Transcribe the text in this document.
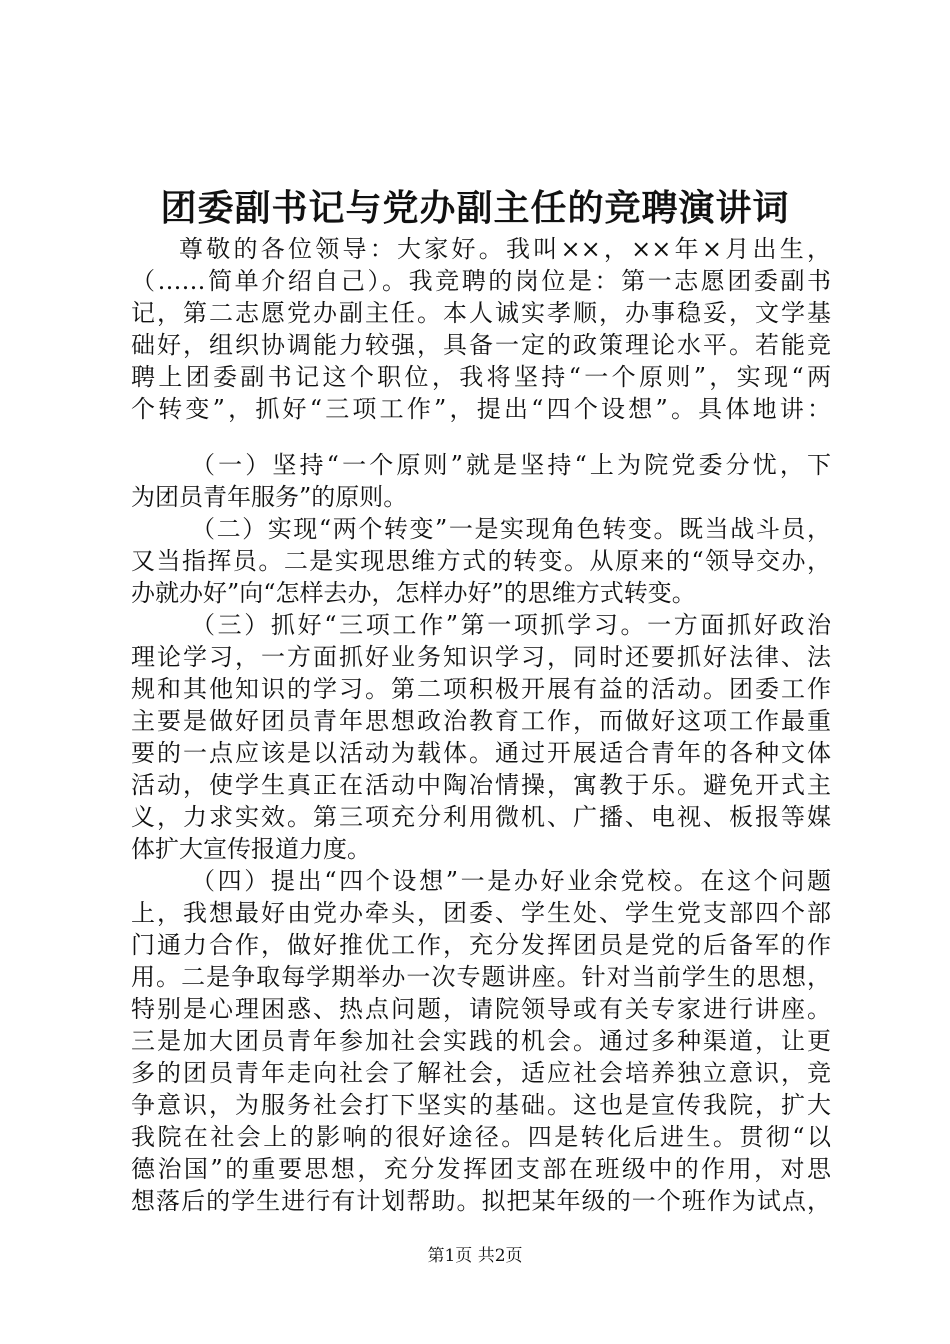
团委副书记与党办副主任的竞聘演讲词
尊敬的各位领导：大家好。我叫××，××年×月出生，
（……简单介绍自己）。我竞聘的岗位是：第一志愿团委副书
记，第二志愿党办副主任。本人诚实孝顺，办事稳妥，文学基
础好，组织协调能力较强，具备一定的政策理论水平。若能竞
聘上团委副书记这个职位，我将坚持“一个原则”，实现“两
个转变”，抓好“三项工作”，提出“四个设想”。具体地讲：
（一）坚持“一个原则”就是坚持“上为院党委分忧，下
为团员青年服务”的原则。
（二）实现“两个转变”一是实现角色转变。既当战斗员，
又当指挥员。二是实现思维方式的转变。从原来的“领导交办，
办就办好”向“怎样去办，怎样办好”的思维方式转变。
（三）抓好“三项工作”第一项抓学习。一方面抓好政治
理论学习，一方面抓好业务知识学习，同时还要抓好法律、法
规和其他知识的学习。第二项积极开展有益的活动。团委工作
主要是做好团员青年思想政治教育工作，而做好这项工作最重
要的一点应该是以活动为载体。通过开展适合青年的各种文体
活动，使学生真正在活动中陶冶情操，寓教于乐。避免开式主
义，力求实效。第三项充分利用微机、广播、电视、板报等媒
体扩大宣传报道力度。
（四）提出“四个设想”一是办好业余党校。在这个问题
上，我想最好由党办牵头，团委、学生处、学生党支部四个部
门通力合作，做好推优工作，充分发挥团员是党的后备军的作
用。二是争取每学期举办一次专题讲座。针对当前学生的思想，
特别是心理困惑、热点问题，请院领导或有关专家进行讲座。
三是加大团员青年参加社会实践的机会。通过多种渠道，让更
多的团员青年走向社会了解社会，适应社会培养独立意识，竞
争意识，为服务社会打下坚实的基础。这也是宣传我院，扩大
我院在社会上的影响的很好途径。四是转化后进生。贯彻“以
德治国”的重要思想，充分发挥团支部在班级中的作用，对思
想落后的学生进行有计划帮助。拟把某年级的一个班作为试点，
第1页 共2页
